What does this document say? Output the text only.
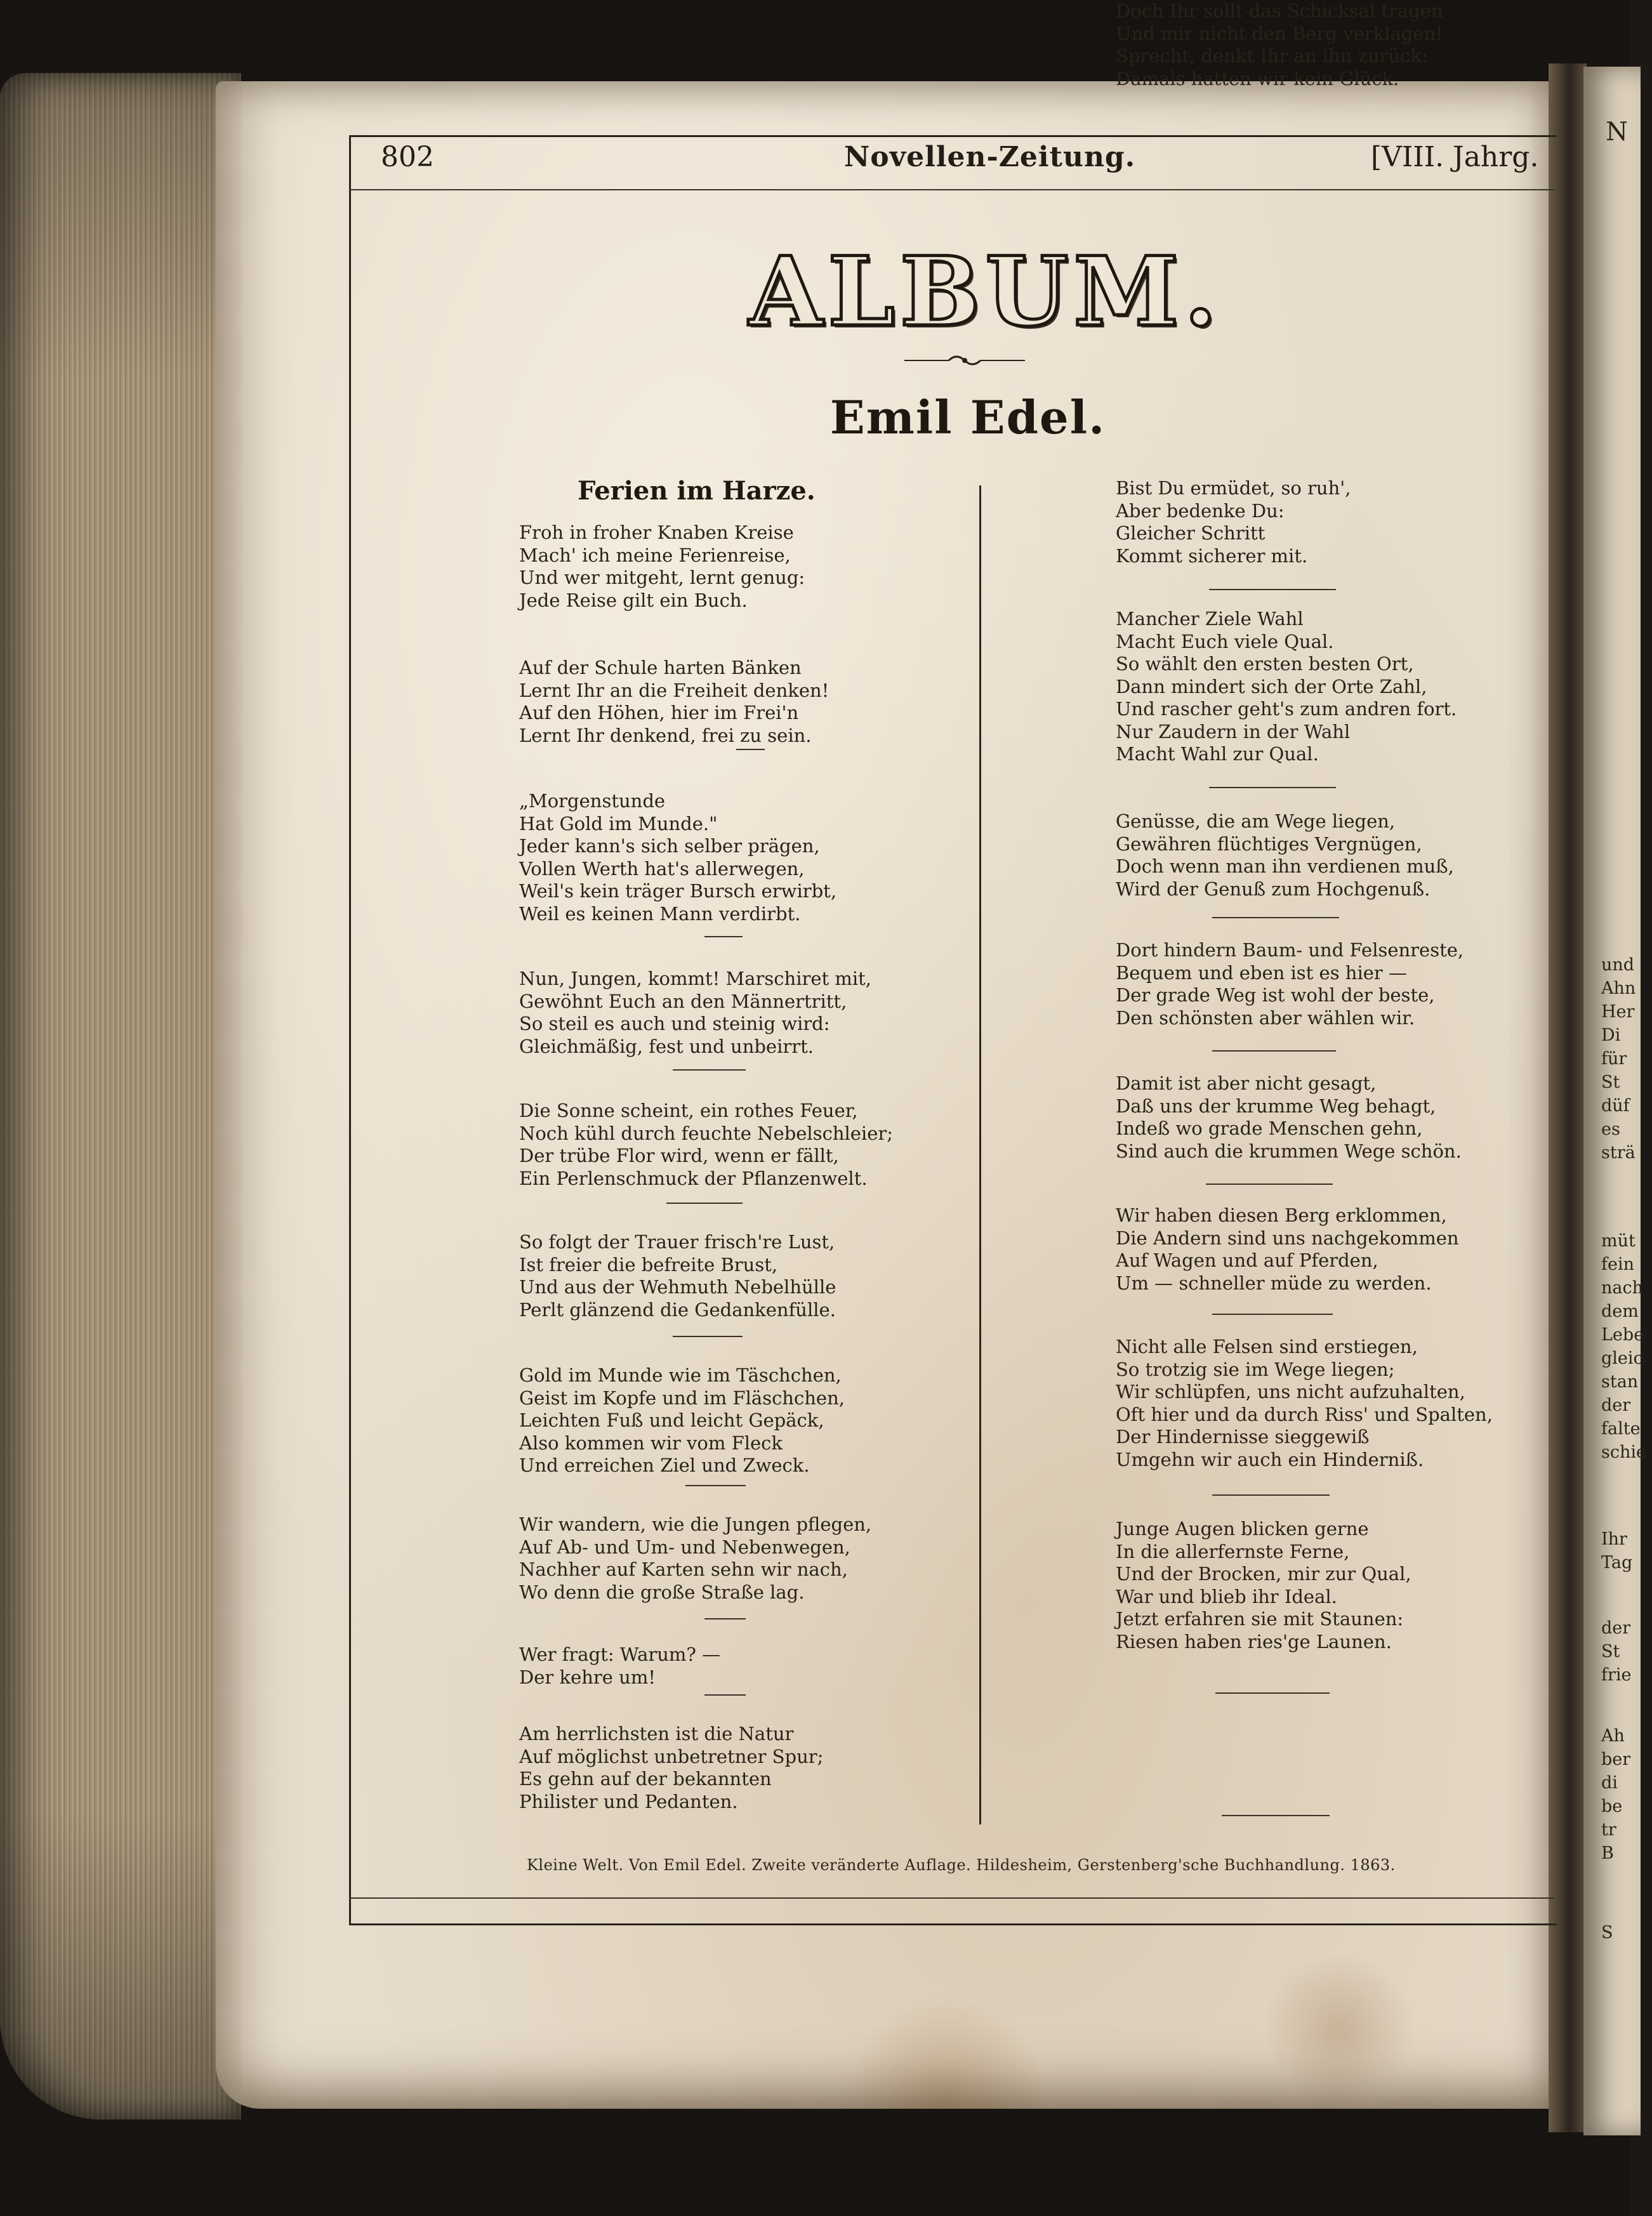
N
und
Ahn
Her
Di
für
St
düf
es
strä
müt
fein
nach
dem
Lebe
gleic
stan
der
falte
schie
Ihr
Tag
der
St
frie
Ah
ber
di
be
tr
B
S
802	Novellen-Zeitung.	[VIII. Jahrg.
ALBUM.
Emil Edel.
Ferien im Harze.
Froh in froher Knaben Kreise
Mach' ich meine Ferienreise,
Und wer mitgeht, lernt genug:
Jede Reise gilt ein Buch.
Auf der Schule harten Bänken
Lernt Ihr an die Freiheit denken!
Auf den Höhen, hier im Frei'n
Lernt Ihr denkend, frei zu sein.
„Morgenstunde
Hat Gold im Munde."
Jeder kann's sich selber prägen,
Vollen Werth hat's allerwegen,
Weil's kein träger Bursch erwirbt,
Weil es keinen Mann verdirbt.
Nun, Jungen, kommt! Marschiret mit,
Gewöhnt Euch an den Männertritt,
So steil es auch und steinig wird:
Gleichmäßig, fest und unbeirrt.
Die Sonne scheint, ein rothes Feuer,
Noch kühl durch feuchte Nebelschleier;
Der trübe Flor wird, wenn er fällt,
Ein Perlenschmuck der Pflanzenwelt.
So folgt der Trauer frisch're Lust,
Ist freier die befreite Brust,
Und aus der Wehmuth Nebelhülle
Perlt glänzend die Gedankenfülle.
Gold im Munde wie im Täschchen,
Geist im Kopfe und im Fläschchen,
Leichten Fuß und leicht Gepäck,
Also kommen wir vom Fleck
Und erreichen Ziel und Zweck.
Wir wandern, wie die Jungen pflegen,
Auf Ab- und Um- und Nebenwegen,
Nachher auf Karten sehn wir nach,
Wo denn die große Straße lag.
Wer fragt: Warum? —
Der kehre um!
Am herrlichsten ist die Natur
Auf möglichst unbetretner Spur;
Es gehn auf der bekannten
Philister und Pedanten.
Bist Du ermüdet, so ruh',
Aber bedenke Du:
Gleicher Schritt
Kommt sicherer mit.
Mancher Ziele Wahl
Macht Euch viele Qual.
So wählt den ersten besten Ort,
Dann mindert sich der Orte Zahl,
Und rascher geht's zum andren fort.
Nur Zaudern in der Wahl
Macht Wahl zur Qual.
Genüsse, die am Wege liegen,
Gewähren flüchtiges Vergnügen,
Doch wenn man ihn verdienen muß,
Wird der Genuß zum Hochgenuß.
Dort hindern Baum- und Felsenreste,
Bequem und eben ist es hier —
Der grade Weg ist wohl der beste,
Den schönsten aber wählen wir.
Damit ist aber nicht gesagt,
Daß uns der krumme Weg behagt,
Indeß wo grade Menschen gehn,
Sind auch die krummen Wege schön.
Wir haben diesen Berg erklommen,
Die Andern sind uns nachgekommen
Auf Wagen und auf Pferden,
Um — schneller müde zu werden.
Nicht alle Felsen sind erstiegen,
So trotzig sie im Wege liegen;
Wir schlüpfen, uns nicht aufzuhalten,
Oft hier und da durch Riss' und Spalten,
Der Hindernisse sieggewiß
Umgehn wir auch ein Hinderniß.
Junge Augen blicken gerne
In die allerfernste Ferne,
Und der Brocken, mir zur Qual,
War und blieb ihr Ideal.
Jetzt erfahren sie mit Staunen:
Riesen haben ries'ge Launen.
Doch Ihr sollt das Schicksal tragen
Und mir nicht den Berg verklagen!
Sprecht, denkt Ihr an ihn zurück:
Damals hatten wir kein Glück.
Kleine Welt. Von Emil Edel. Zweite veränderte Auflage. Hildesheim, Gerstenberg'sche Buchhandlung. 1863.
